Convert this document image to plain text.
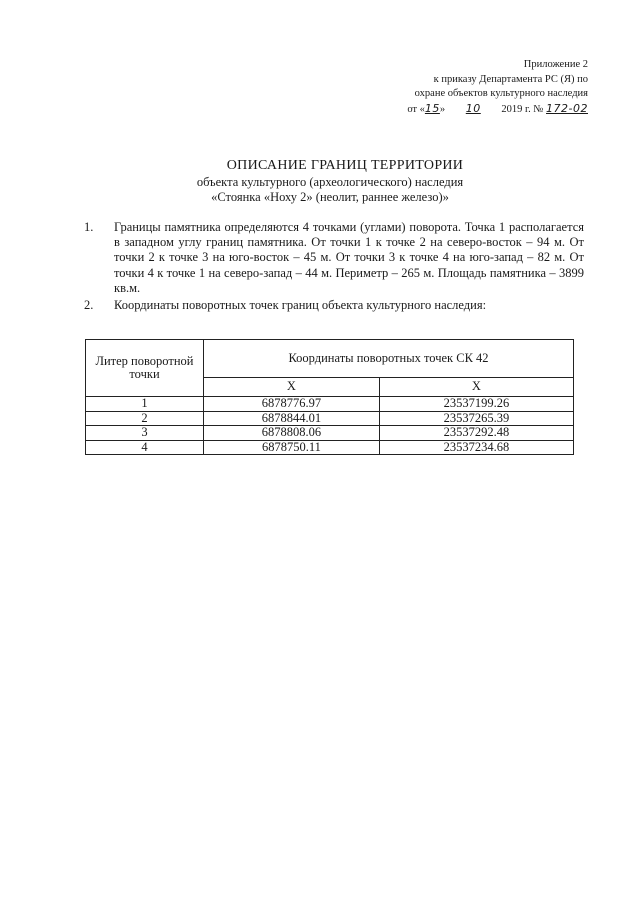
Приложение 2
к приказу Департамента РС (Я) по
охране объектов культурного наследия
от «15» 10 2019 г. № 172-02
ОПИСАНИЕ ГРАНИЦ ТЕРРИТОРИИ
объекта культурного (археологического) наследия
«Стоянка «Ноху 2» (неолит, раннее железо)»
1.	Границы памятника определяются 4 точками (углами) поворота. Точка 1 располагается в западном углу границ памятника. От точки 1 к точке 2 на северо-восток – 94 м. От точки 2 к точке 3 на юго-восток – 45 м. От точки 3 к точке 4 на юго-запад – 82 м. От точки 4 к точке 1 на северо-запад – 44 м. Периметр – 265 м. Площадь памятника – 3899 кв.м.
2.	Координаты поворотных точек границ объекта культурного наследия:
Литер поворотной точки	Координаты поворотных точек СК 42	
	X	X
1	6878776.97	23537199.26
2	6878844.01	23537265.39
3	6878808.06	23537292.48
4	6878750.11	23537234.68
